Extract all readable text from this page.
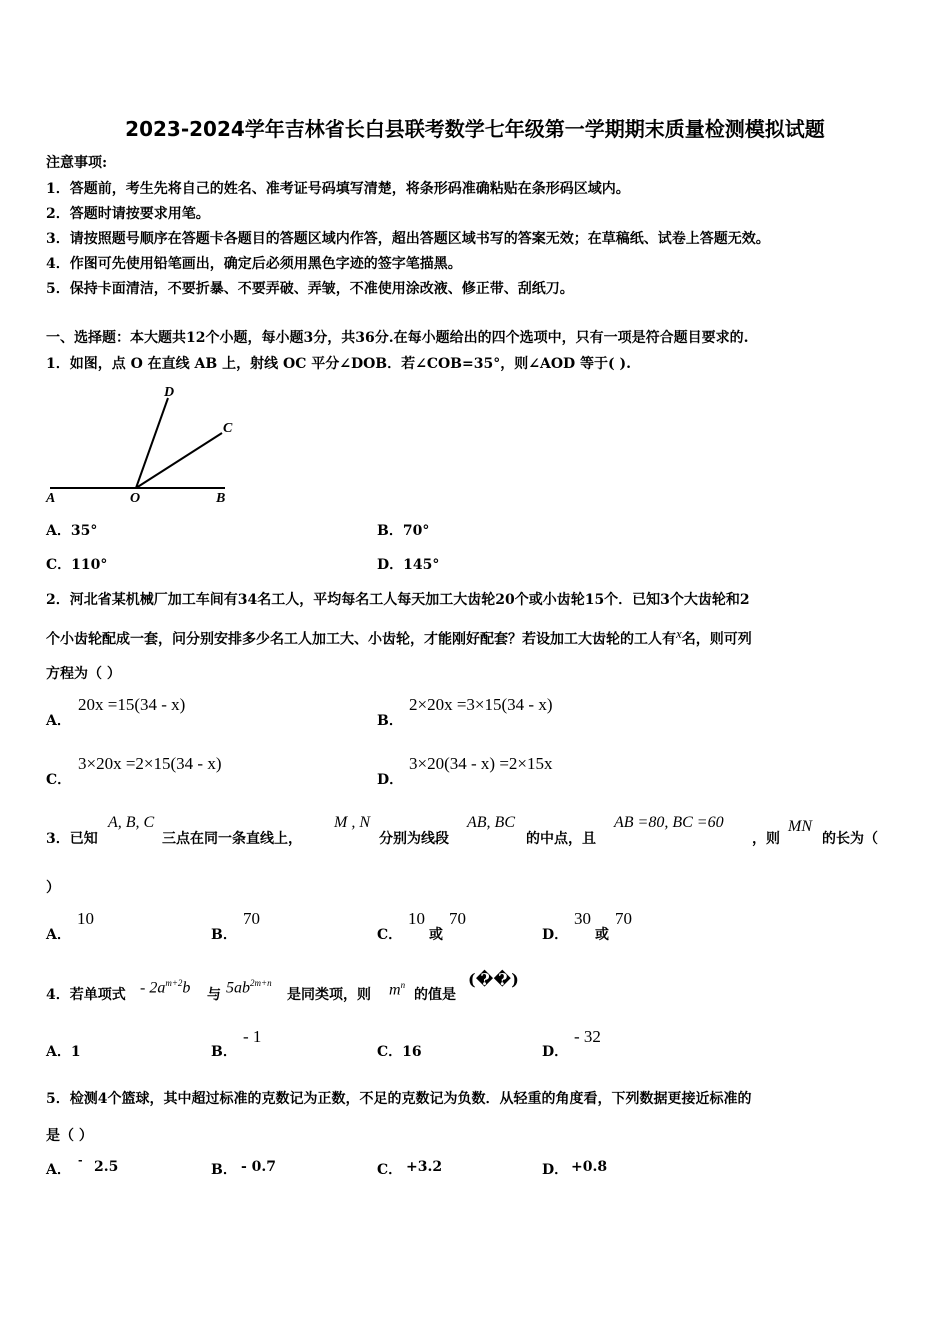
2023-2024学年吉林省长白县联考数学七年级第一学期期末质量检测模拟试题
注意事项:
1．答题前，考生先将自己的姓名、准考证号码填写清楚，将条形码准确粘贴在条形码区域内。
2．答题时请按要求用笔。
3．请按照题号顺序在答题卡各题目的答题区域内作答，超出答题区域书写的答案无效；在草稿纸、试卷上答题无效。
4．作图可先使用铅笔画出，确定后必须用黑色字迹的签字笔描黑。
5．保持卡面清洁，不要折暴、不要弄破、弄皱，不准使用涂改液、修正带、刮纸刀。
一、选择题：本大题共12个小题，每小题3分，共36分.在每小题给出的四个选项中，只有一项是符合题目要求的.
1．如图，点 O 在直线 AB 上，射线 OC 平分∠DOB．若∠COB=35°，则∠AOD 等于( ).
A	O	B
C
D
A．35°	B．70°
C．110°	D．145°
2．河北省某机械厂加工车间有34名工人，平均每名工人每天加工大齿轮20个或小齿轮15个．已知3个大齿轮和2
个小齿轮配成一套，问分别安排多少名工人加工大、小齿轮，才能刚好配套？若设加工大齿轮的工人有$^x$名，则可列
方程为（ ）
A．
20x =15(34 - x)
B．
2×20x =3×15(34 - x)
C．
3×20x =2×15(34 - x)
D．
3×20(34 - x) =2×15x
3．已知
A, B, C
三点在同一条直线上，
M , N
分别为线段
AB, BC
的中点，且
AB =80, BC =60
，则
MN
的长为（
）
A．
10
B．
70
C．
10
或
70
D．
30
或
70
4．若单项式 - $2a^{m+2}b$ 与 $5ab^{2m+n}$
是同类项，则 $m^n$
的值是
(��)
A．1	B．
- 1
C．16	D．
- 32
5．检测4个篮球，其中超过标准的克数记为正数，不足的克数记为负数．从轻重的角度看，下列数据更接近标准的
是（ ）
A．
- 2.5	B． - 0.7	C． +3.2	D． +0.8
